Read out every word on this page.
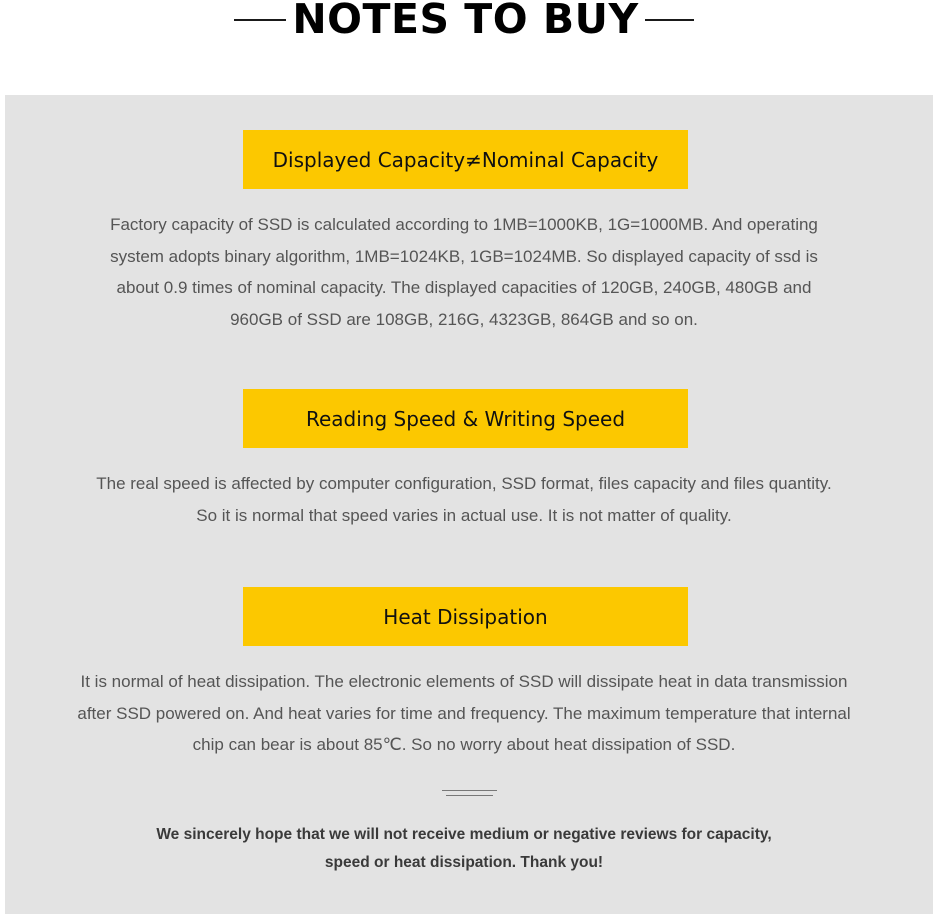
NOTES TO BUY
Displayed Capacity≠Nominal Capacity
Factory capacity of SSD is calculated according to 1MB=1000KB, 1G=1000MB. And operating
system adopts binary algorithm, 1MB=1024KB, 1GB=1024MB. So displayed capacity of ssd is
about 0.9 times of nominal capacity. The displayed capacities of 120GB, 240GB, 480GB and
960GB of SSD are 108GB, 216G, 4323GB, 864GB and so on.
Reading Speed & Writing Speed
The real speed is affected by computer configuration, SSD format, files capacity and files quantity.
So it is normal that speed varies in actual use. It is not matter of quality.
Heat Dissipation
It is normal of heat dissipation. The electronic elements of SSD will dissipate heat in data transmission
after SSD powered on. And heat varies for time and frequency. The maximum temperature that internal
chip can bear is about 85℃. So no worry about heat dissipation of SSD.
We sincerely hope that we will not receive medium or negative reviews for capacity,
speed or heat dissipation. Thank you!
